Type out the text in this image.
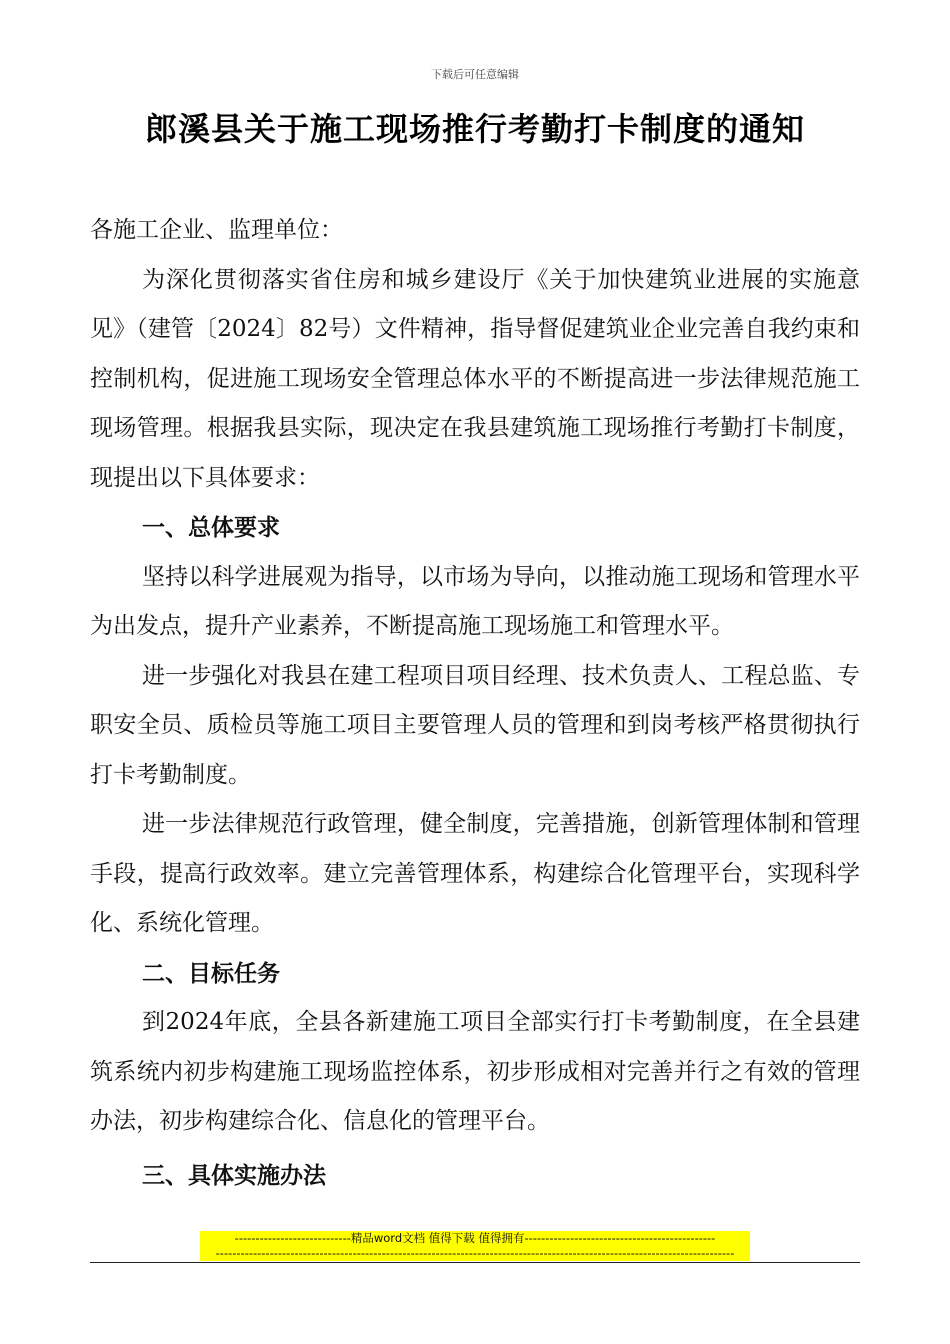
下载后可任意编辑
郎溪县关于施工现场推行考勤打卡制度的通知

各施工企业、监理单位：

为深化贯彻落实省住房和城乡建设厅《关于加快建筑业进展的实施意见》（建管〔2024〕82号）文件精神，指导督促建筑业企业完善自我约束和控制机构，促进施工现场安全管理总体水平的不断提高进一步法律规范施工现场管理。根据我县实际，现决定在我县建筑施工现场推行考勤打卡制度，现提出以下具体要求：

一、总体要求

坚持以科学进展观为指导，以市场为导向，以推动施工现场和管理水平为出发点，提升产业素养，不断提高施工现场施工和管理水平。

进一步强化对我县在建工程项目项目经理、技术负责人、工程总监、专职安全员、质检员等施工项目主要管理人员的管理和到岗考核严格贯彻执行打卡考勤制度。

进一步法律规范行政管理，健全制度，完善措施，创新管理体制和管理手段，提高行政效率。建立完善管理体系，构建综合化管理平台，实现科学化、系统化管理。

二、目标任务

到2024年底，全县各新建施工项目全部实行打卡考勤制度，在全县建筑系统内初步构建施工现场监控体系，初步形成相对完善并行之有效的管理办法，初步构建综合化、信息化的管理平台。

三、具体实施办法

----------------------------精品word文档 值得下载 值得拥有----------------------------------------------
-----------------------------------------------------------------------------------------------------------------------------
